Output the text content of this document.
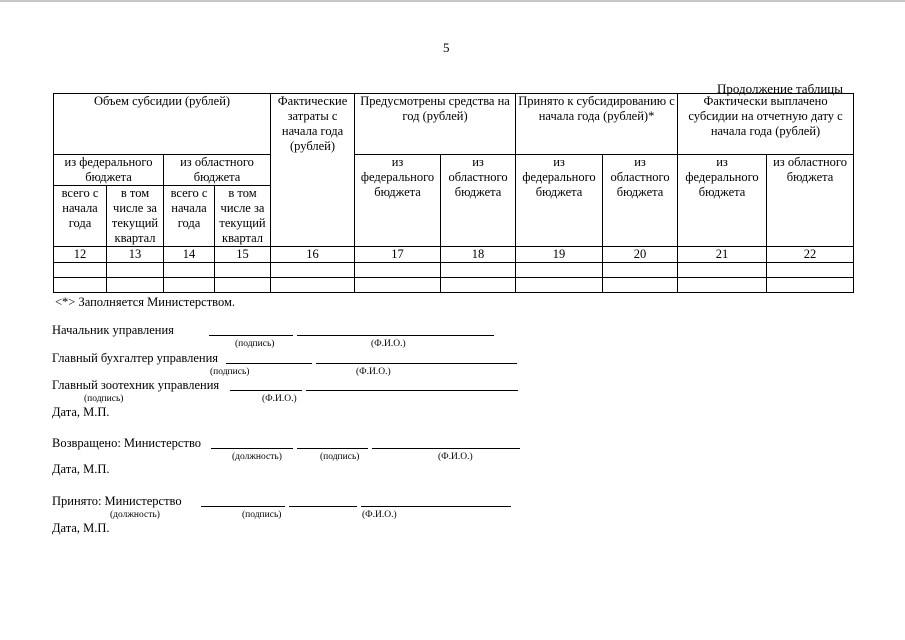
5
Продолжение таблицы
Объем субсидии (рублей)				Фактические затраты с начала года (рублей)	Предусмотрены средства на год (рублей)		Принято к субсидированию с начала года (рублей)*		Фактически выплачено субсидии на отчетную дату с начала года (рублей)	
из федерального бюджета		из областного бюджета			из федерального бюджета	из областного бюджета	из федерального бюджета	из областного бюджета	из федерального бюджета	из областного бюджета
всего с начала года	в том числе за текущий квартал	всего с начала года	в том числе за текущий квартал							
12	13	14	15	16	17	18	19	20	21	22

<*> Заполняется Министерством.
Начальник управления
(подпись)	(Ф.И.О.)
Главный бухгалтер управления
(подпись)	(Ф.И.О.)
Главный зоотехник управления
(подпись)	(Ф.И.О.)
Дата, М.П.
Возвращено: Министерство
(должность)	(подпись)	(Ф.И.О.)
Дата, М.П.
Принято: Министерство
(должность)	(подпись)	(Ф.И.О.)
Дата, М.П.
